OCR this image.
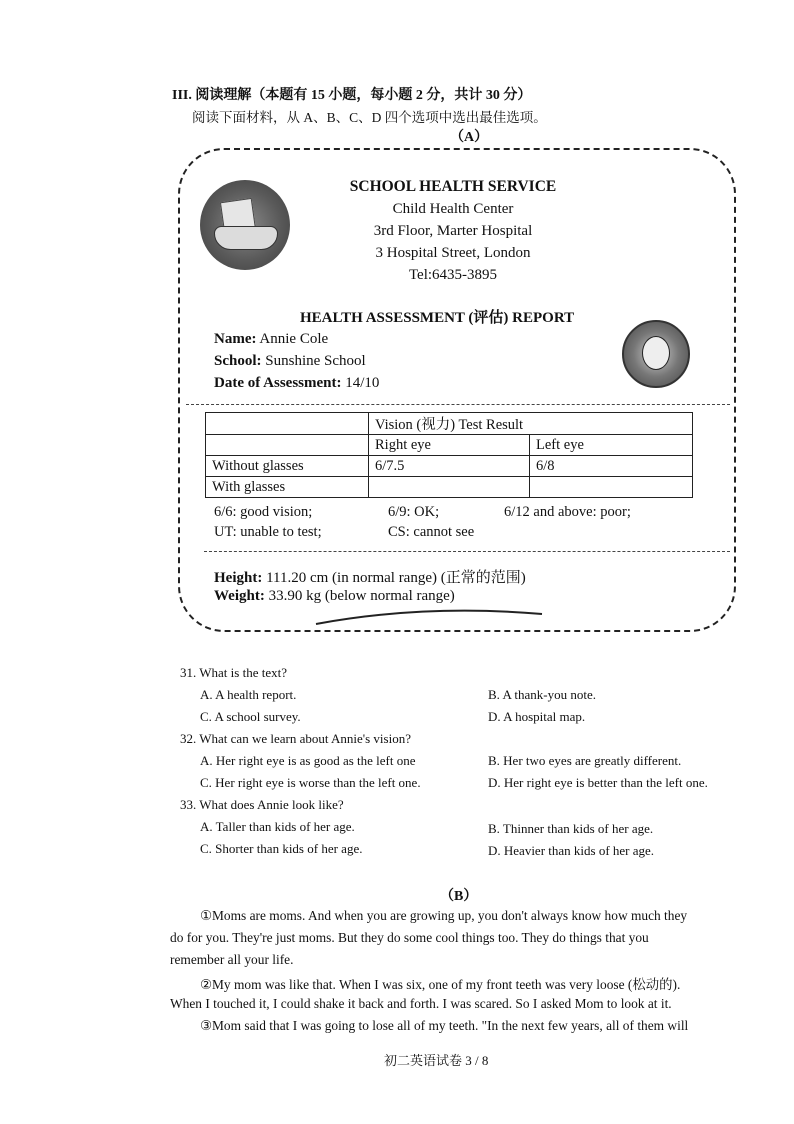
III. 阅读理解（本题有 15 小题，每小题 2 分，共计 30 分）
阅读下面材料，从 A、B、C、D 四个选项中选出最佳选项。
（A）
SCHOOL HEALTH SERVICE
Child Health Center
3rd Floor, Marter Hospital
3 Hospital Street, London
Tel:6435-3895
HEALTH ASSESSMENT (评估) REPORT
Name: Annie Cole
School: Sunshine School
Date of Assessment: 14/10
	Vision (视力) Test Result	
	Right eye	Left eye
Without glasses	6/7.5	6/8
With glasses		
6/6: good vision;	6/9: OK;	6/12 and above: poor;
UT: unable to test;	CS: cannot see
Height: 111.20 cm (in normal range) (正常的范围)
Weight: 33.90 kg (below normal range)
31. What is the text?
A. A health report.	B. A thank-you note.
C. A school survey.	D. A hospital map.
32. What can we learn about Annie's vision?
A. Her right eye is as good as the left one	B. Her two eyes are greatly different.
C. Her right eye is worse than the left one.	D. Her right eye is better than the left one.
33. What does Annie look like?
A. Taller than kids of her age.	B. Thinner than kids of her age.
C. Shorter than kids of her age.	D. Heavier than kids of her age.
（B）
①Moms are moms. And when you are growing up, you don't always know how much they
do for you. They're just moms. But they do some cool things too. They do things that you
remember all your life.
②My mom was like that. When I was six, one of my front teeth was very loose (松动的).
When I touched it, I could shake it back and forth. I was scared. So I asked Mom to look at it.
③Mom said that I was going to lose all of my teeth. "In the next few years, all of them will
初二英语试卷 3 / 8
